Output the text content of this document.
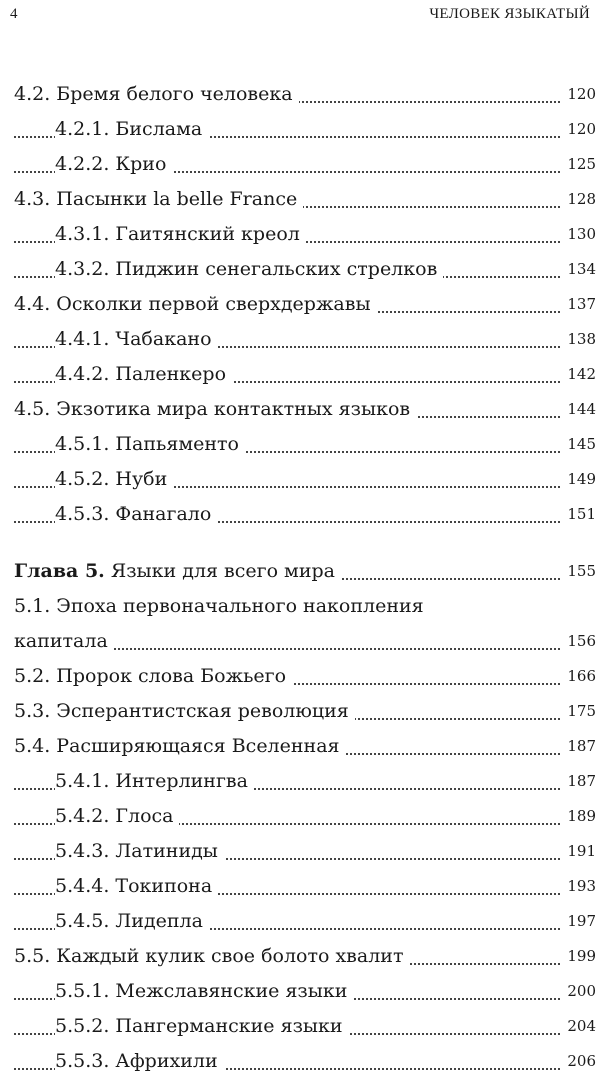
4	ЧЕЛОВЕК ЯЗЫКАТЫЙ
4.2. Бремя белого человека	120
4.2.1. Бислама	120
4.2.2. Крио	125
4.3. Пасынки la belle France	128
4.3.1. Гаитянский креол	130
4.3.2. Пиджин сенегальских стрелков	134
4.4. Осколки первой сверхдержавы	137
4.4.1. Чабакано	138
4.4.2. Паленкеро	142
4.5. Экзотика мира контактных языков	144
4.5.1. Папьяменто	145
4.5.2. Нуби	149
4.5.3. Фанагало	151
Глава 5. Языки для всего мира	155
5.1. Эпоха первоначального накопления
капитала	156
5.2. Пророк слова Божьего	166
5.3. Эсперантистская революция	175
5.4. Расширяющаяся Вселенная	187
5.4.1. Интерлингва	187
5.4.2. Глоса	189
5.4.3. Латиниды	191
5.4.4. Токипона	193
5.4.5. Лидепла	197
5.5. Каждый кулик свое болото хвалит	199
5.5.1. Межславянские языки	200
5.5.2. Пангерманские языки	204
5.5.3. Африхили	206
